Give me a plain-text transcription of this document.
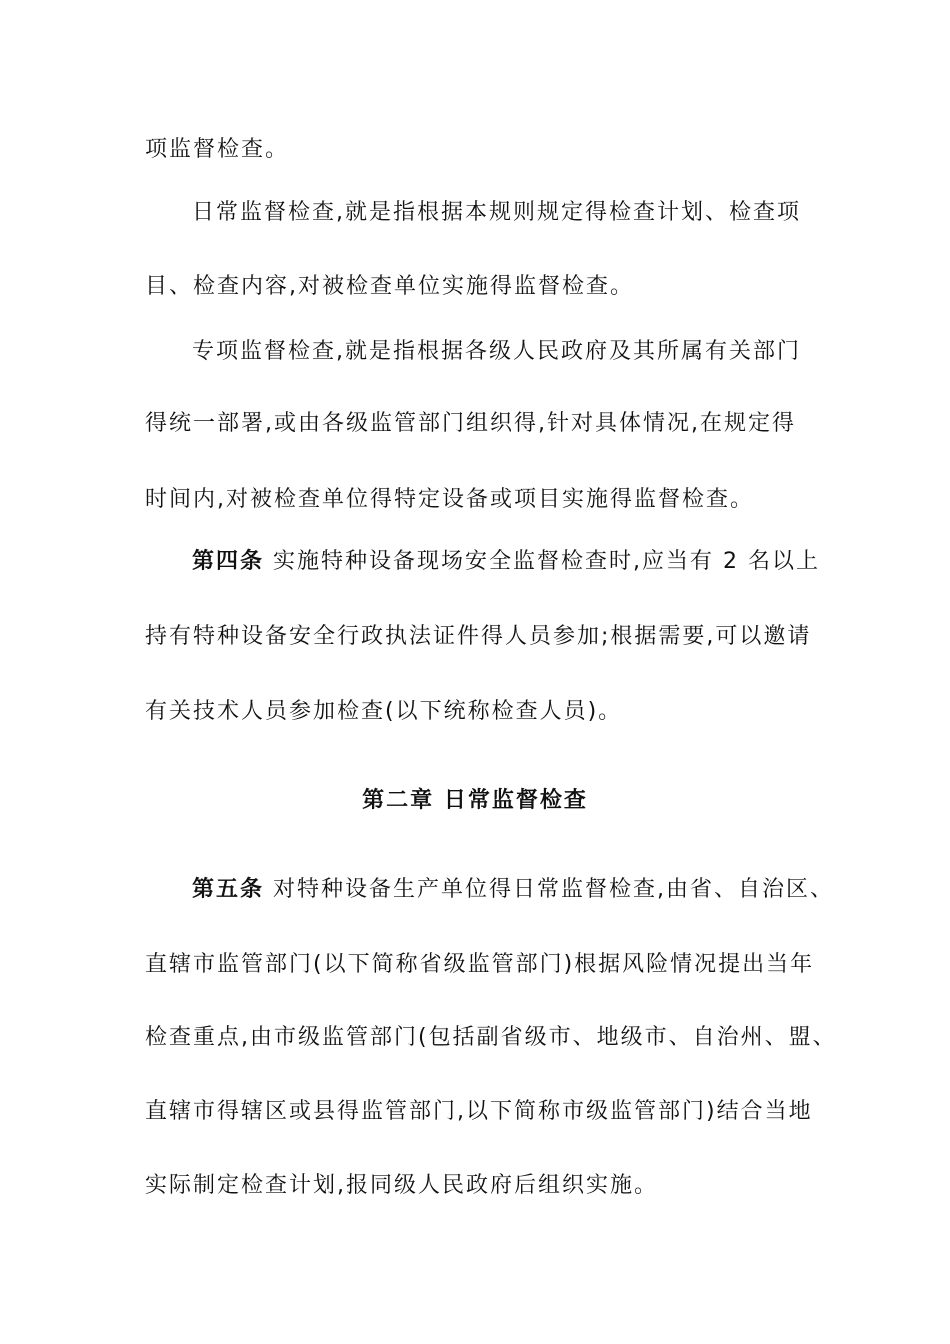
项监督检查。
日常监督检查,就是指根据本规则规定得检查计划、检查项
目、检查内容,对被检查单位实施得监督检查。
专项监督检查,就是指根据各级人民政府及其所属有关部门
得统一部署,或由各级监管部门组织得,针对具体情况,在规定得
时间内,对被检查单位得特定设备或项目实施得监督检查。
第四条 实施特种设备现场安全监督检查时,应当有 2 名以上
持有特种设备安全行政执法证件得人员参加;根据需要,可以邀请
有关技术人员参加检查(以下统称检查人员)。
第二章 日常监督检查
第五条 对特种设备生产单位得日常监督检查,由省、自治区、
直辖市监管部门(以下简称省级监管部门)根据风险情况提出当年
检查重点,由市级监管部门(包括副省级市、地级市、自治州、盟、
直辖市得辖区或县得监管部门,以下简称市级监管部门)结合当地
实际制定检查计划,报同级人民政府后组织实施。
